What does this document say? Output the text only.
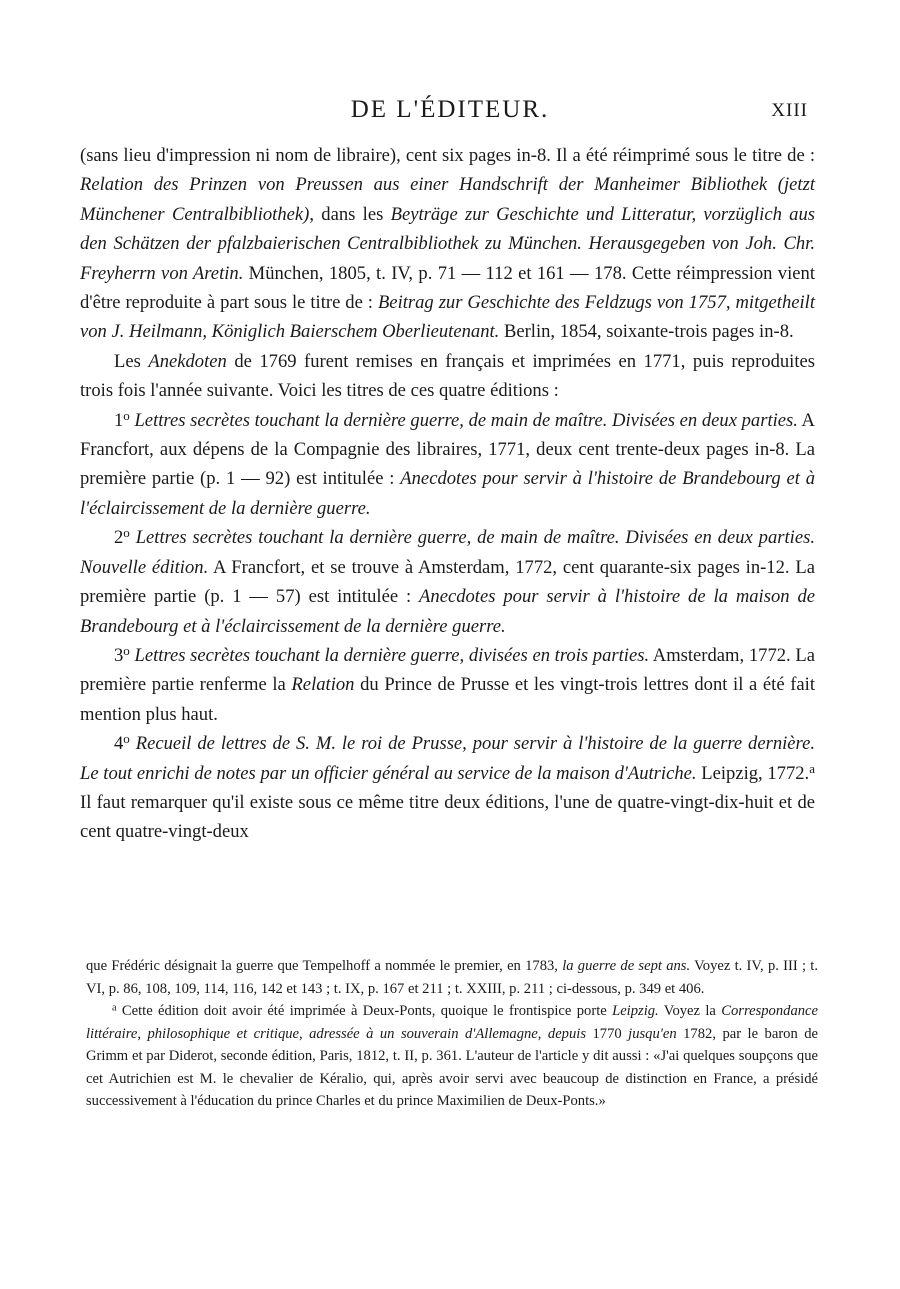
DE L'ÉDITEUR.	XIII

(sans lieu d'impression ni nom de libraire), cent six pages in-8. Il a été réimprimé sous le titre de : Relation des Prinzen von Preussen aus einer Handschrift der Manheimer Bibliothek (jetzt Münchener Centralbibliothek), dans les Beyträge zur Geschichte und Litteratur, vorzüglich aus den Schätzen der pfalzbaierischen Centralbibliothek zu München. Herausgegeben von Joh. Chr. Freyherrn von Aretin. München, 1805, t. IV, p. 71 — 112 et 161 — 178. Cette réimpression vient d'être reproduite à part sous le titre de : Beitrag zur Geschichte des Feldzugs von 1757, mitgetheilt von J. Heilmann, Königlich Baierschem Oberlieutenant. Berlin, 1854, soixante-trois pages in-8.

Les Anekdoten de 1769 furent remises en français et imprimées en 1771, puis reproduites trois fois l'année suivante. Voici les titres de ces quatre éditions :

1$^o$ Lettres secrètes touchant la dernière guerre, de main de maître. Divisées en deux parties. A Francfort, aux dépens de la Compagnie des libraires, 1771, deux cent trente-deux pages in-8. La première partie (p. 1 — 92) est intitulée : Anecdotes pour servir à l'histoire de Brandebourg et à l'éclaircissement de la dernière guerre.

2$^o$ Lettres secrètes touchant la dernière guerre, de main de maître. Divisées en deux parties. Nouvelle édition. A Francfort, et se trouve à Amsterdam, 1772, cent quarante-six pages in-12. La première partie (p. 1 — 57) est intitulée : Anecdotes pour servir à l'histoire de la maison de Brandebourg et à l'éclaircissement de la dernière guerre.

3$^o$ Lettres secrètes touchant la dernière guerre, divisées en trois parties. Amsterdam, 1772. La première partie renferme la Relation du Prince de Prusse et les vingt-trois lettres dont il a été fait mention plus haut.

4$^o$ Recueil de lettres de S. M. le roi de Prusse, pour servir à l'histoire de la guerre dernière. Le tout enrichi de notes par un officier général au service de la maison d'Autriche. Leipzig, 1772.$^a$ Il faut remarquer qu'il existe sous ce même titre deux éditions, l'une de quatre-vingt-dix-huit et de cent quatre-vingt-deux

que Frédéric désignait la guerre que Tempelhoff a nommée le premier, en 1783, la guerre de sept ans. Voyez t. IV, p. III ; t. VI, p. 86, 108, 109, 114, 116, 142 et 143 ; t. IX, p. 167 et 211 ; t. XXIII, p. 211 ; ci-dessous, p. 349 et 406.

$^a$ Cette édition doit avoir été imprimée à Deux-Ponts, quoique le frontispice porte Leipzig. Voyez la Correspondance littéraire, philosophique et critique, adressée à un souverain d'Allemagne, depuis 1770 jusqu'en 1782, par le baron de Grimm et par Diderot, seconde édition, Paris, 1812, t. II, p. 361. L'auteur de l'article y dit aussi : «J'ai quelques soupçons que cet Autrichien est M. le chevalier de Kéralio, qui, après avoir servi avec beaucoup de distinction en France, a présidé successivement à l'éducation du prince Charles et du prince Maximilien de Deux-Ponts.»
